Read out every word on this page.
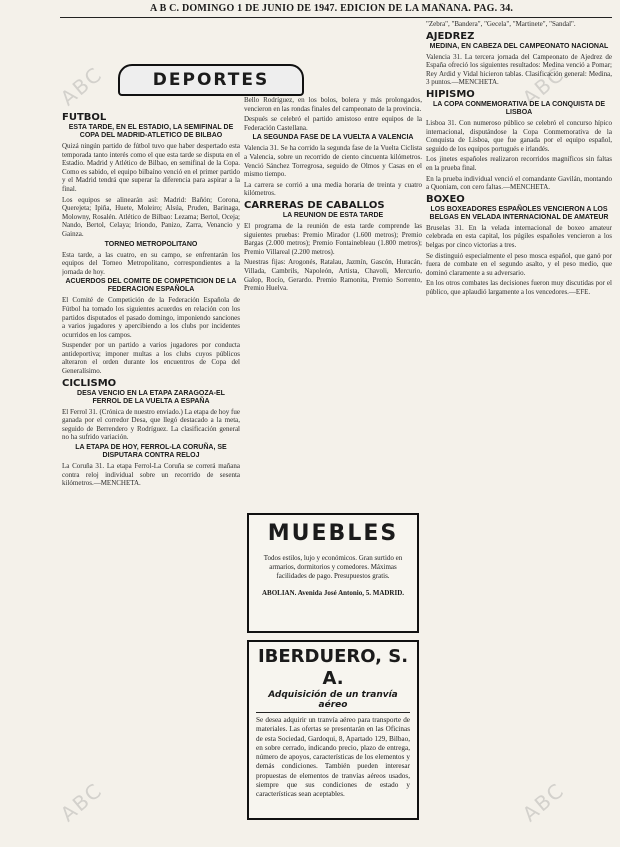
ABC	ABC
ABC	ABC
A B C. DOMINGO 1 DE JUNIO DE 1947. EDICION DE LA MAÑANA. PAG. 34.
FUTBOL
ESTA TARDE, EN EL ESTADIO, LA SEMIFINAL DE COPA DEL MADRID-ATLETICO DE BILBAO

Quizá ningún partido de fútbol tuvo que haber despertado esta temporada tanto interés como el que esta tarde se disputa en el Estadio. Madrid y Atlético de Bilbao, en semifinal de la Copa. Como es sabido, el equipo bilbaíno venció en el primer partido y el Madrid tendrá que superar la diferencia para aspirar a la final.

Los equipos se alinearán así: Madrid: Bañón; Corona, Querejeta; Ipiña, Huete, Moleiro; Alsúa, Pruden, Barinaga, Molowny, Rosalén. Atlético de Bilbao: Lezama; Bertol, Oceja; Nando, Bertol, Celaya; Iriondo, Panizo, Zarra, Venancio y Gainza.

TORNEO METROPOLITANO

Esta tarde, a las cuatro, en su campo, se enfrentarán los equipos del Torneo Metropolitano, correspondientes a la jornada de hoy.

ACUERDOS DEL COMITE DE COMPETICION DE LA FEDERACION ESPAÑOLA

El Comité de Competición de la Federación Española de Fútbol ha tomado los siguientes acuerdos en relación con los partidos disputados el pasado domingo, imponiendo sanciones a varios jugadores y apercibiendo a los clubs por incidentes ocurridos en los campos.

Suspender por un partido a varios jugadores por conducta antideportiva; imponer multas a los clubs cuyos públicos alteraron el orden durante los encuentros de Copa del Generalísimo.

CICLISMO
DESA VENCIO EN LA ETAPA ZARAGOZA-EL FERROL DE LA VUELTA A ESPAÑA

El Ferrol 31. (Crónica de nuestro enviado.) La etapa de hoy fue ganada por el corredor Desa, que llegó destacado a la meta, seguido de Berrendero y Rodríguez. La clasificación general no ha sufrido variación.

LA ETAPA DE HOY, FERROL-LA CORUÑA, SE DISPUTARA CONTRA RELOJ

La Coruña 31. La etapa Ferrol-La Coruña se correrá mañana contra reloj individual sobre un recorrido de sesenta kilómetros.—MENCHETA.

DEPORTES

Bello Rodríguez, en los bolos, bolera y más prolongados, vencieron en las rondas finales del campeonato de la provincia.

Después se celebró el partido amistoso entre equipos de la Federación Castellana.

LA SEGUNDA FASE DE LA VUELTA A VALENCIA

Valencia 31. Se ha corrido la segunda fase de la Vuelta Ciclista a Valencia, sobre un recorrido de ciento cincuenta kilómetros. Venció Sánchez Torregrosa, seguido de Olmos y Casas en el mismo tiempo.

La carrera se corrió a una media horaria de treinta y cuatro kilómetros.

CARRERAS DE CABALLOS
LA REUNION DE ESTA TARDE

El programa de la reunión de esta tarde comprende las siguientes pruebas: Premio Mirador (1.600 metros); Premio Bargas (2.000 metros); Premio Fontainebleau (1.800 metros); Premio Villareal (2.200 metros).

Nuestras fijas: Arogonés, Ratalau, Jazmín, Gascón, Huracán, Villada, Cambrils, Napoleón, Artista, Chavoli, Mercurio, Galop, Rocío, Gerardo. Premio Ramonita, Premio Sorrento, Premio Huelva.

MUEBLES
Todos estilos, lujo y económicos. Gran surtido en armarios, dormitorios y comedores. Máximas facilidades de pago. Presupuestos gratis.
ABOLIAN. Avenida José Antonio, 5. MADRID.
IBERDUERO, S. A.
Adquisición de un tranvía aéreo
Se desea adquirir un tranvía aéreo para transporte de materiales. Las ofertas se presentarán en las Oficinas de esta Sociedad, Gardoqui, 8, Apartado 129, Bilbao, en sobre cerrado, indicando precio, plazo de entrega, número de apoyos, características de los elementos y demás condiciones. También pueden interesar propuestas de elementos de tranvías aéreos usados, siempre que sus condiciones de estado y características sean aceptables.

"Zebra", "Bandera", "Gecela", "Martinete", "Sandal".

AJEDREZ
MEDINA, EN CABEZA DEL CAMPEONATO NACIONAL

Valencia 31. La tercera jornada del Campeonato de Ajedrez de España ofreció los siguientes resultados: Medina venció a Pomar; Rey Ardid y Vidal hicieron tablas. Clasificación general: Medina, 3 puntos.—MENCHETA.

HIPISMO
LA COPA CONMEMORATIVA DE LA CONQUISTA DE LISBOA

Lisboa 31. Con numeroso público se celebró el concurso hípico internacional, disputándose la Copa Conmemorativa de la Conquista de Lisboa, que fue ganada por el equipo español, seguido de los equipos portugués e irlandés.

Los jinetes españoles realizaron recorridos magníficos sin faltas en la prueba final.

En la prueba individual venció el comandante Gavilán, montando a Quoniam, con cero faltas.—MENCHETA.

BOXEO
LOS BOXEADORES ESPAÑOLES VENCIERON A LOS BELGAS EN VELADA INTERNACIONAL DE AMATEUR

Bruselas 31. En la velada internacional de boxeo amateur celebrada en esta capital, los púgiles españoles vencieron a los belgas por cinco victorias a tres.

Se distinguió especialmente el peso mosca español, que ganó por fuera de combate en el segundo asalto, y el peso medio, que dominó claramente a su adversario.

En los otros combates las decisiones fueron muy discutidas por el público, que aplaudió largamente a los vencedores.—EFE.
